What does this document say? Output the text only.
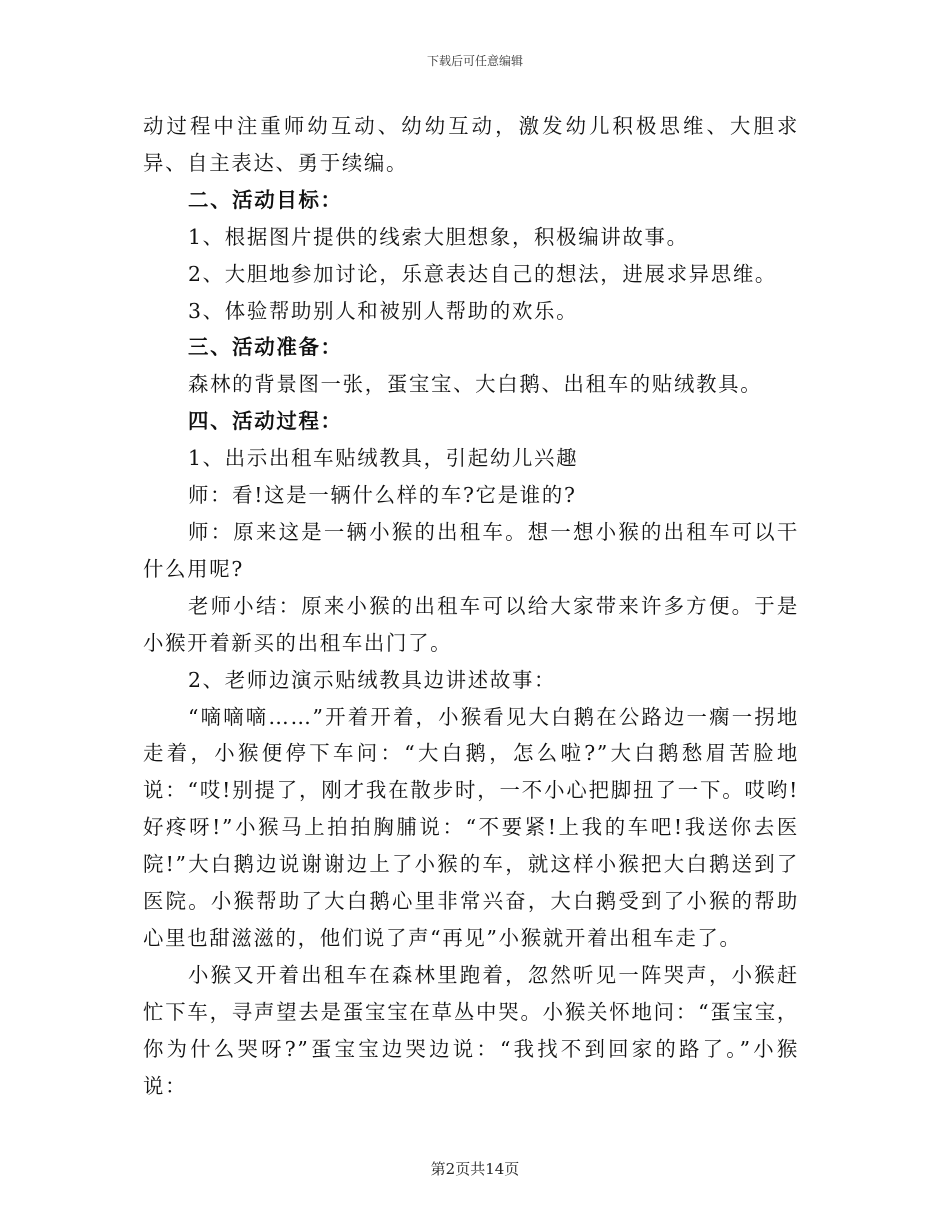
下载后可任意编辑

动过程中注重师幼互动、幼幼互动，激发幼儿积极思维、大胆求异、自主表达、勇于续编。

二、活动目标：

1、根据图片提供的线索大胆想象，积极编讲故事。

2、大胆地参加讨论，乐意表达自己的想法，进展求异思维。

3、体验帮助别人和被别人帮助的欢乐。

三、活动准备：

森林的背景图一张，蛋宝宝、大白鹅、出租车的贴绒教具。

四、活动过程：

1、出示出租车贴绒教具，引起幼儿兴趣

师：看!这是一辆什么样的车?它是谁的?

师：原来这是一辆小猴的出租车。想一想小猴的出租车可以干什么用呢?

老师小结：原来小猴的出租车可以给大家带来许多方便。于是小猴开着新买的出租车出门了。

2、老师边演示贴绒教具边讲述故事：

“嘀嘀嘀……”开着开着，小猴看见大白鹅在公路边一瘸一拐地走着，小猴便停下车问：“大白鹅，怎么啦?”大白鹅愁眉苦脸地说：“哎!别提了，刚才我在散步时，一不小心把脚扭了一下。哎哟!好疼呀!”小猴马上拍拍胸脯说：“不要紧!上我的车吧!我送你去医院!”大白鹅边说谢谢边上了小猴的车，就这样小猴把大白鹅送到了医院。小猴帮助了大白鹅心里非常兴奋，大白鹅受到了小猴的帮助心里也甜滋滋的，他们说了声“再见”小猴就开着出租车走了。

小猴又开着出租车在森林里跑着，忽然听见一阵哭声，小猴赶忙下车，寻声望去是蛋宝宝在草丛中哭。小猴关怀地问：“蛋宝宝，你为什么哭呀?”蛋宝宝边哭边说：“我找不到回家的路了。”小猴说：

第2页共14页
